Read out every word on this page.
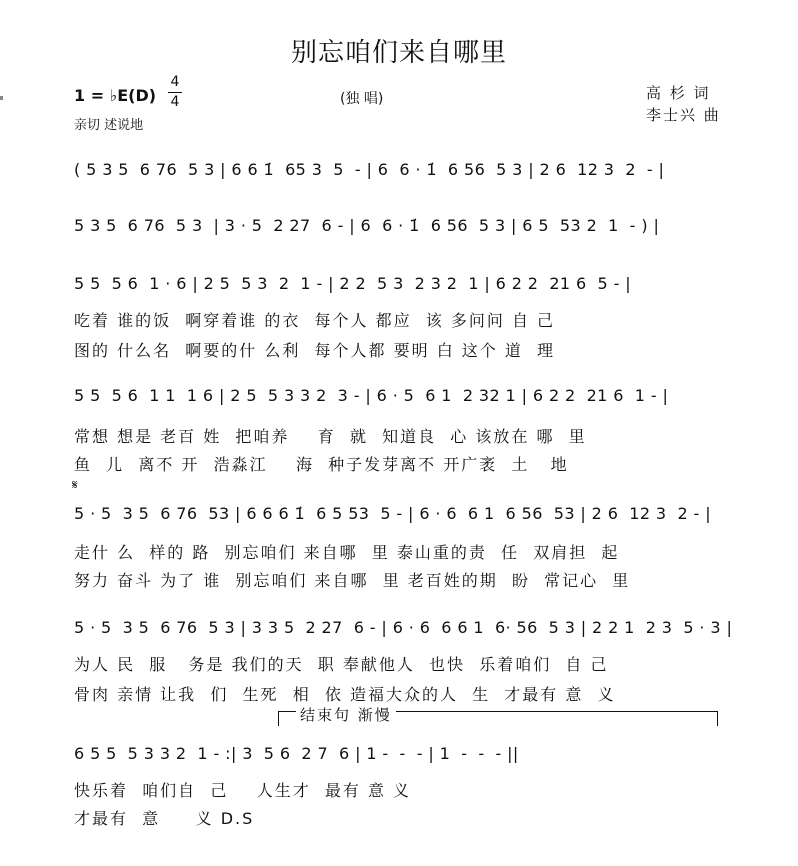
别忘咱们来自哪里
1 = ♭E(D)
4
4
亲切 述说地
(独 唱)	高 杉 词
李士兴 曲
( 5 3 5  6 76  5 3 | 6 6 1̇  65 3  5  - | 6  6 · 1̇  6 56  5 3 | 2 6  12 3  2  - |
5 3 5  6 76  5 3  | 3 · 5  2 27  6 - | 6  6 · 1̇  6 56  5 3 | 6 5  53 2  1  - ) |
5 5  5 6  1 · 6 | 2 5  5 3  2  1 - | 2 2  5 3  2 3 2  1 | 6 2 2  21 6  5 - |
吃着 谁的饭  啊穿着谁 的衣  每个人 都应  该 多问问 自 己
图的 什么名  啊要的什 么利  每个人都 要明 白 这个 道  理
5 5  5 6  1 1  1 6 | 2 5  5 3 3 2  3 - | 6 · 5  6 1  2 32 1 | 6 2 2  21 6  1 - |
常想 想是 老百 姓  把咱养    育  就  知道良  心 该放在 哪  里
鱼  儿  离不 开  浩淼江    海  种子发芽离不 开广袤  土   地
𝄋
5 · 5  3 5  6 76  53 | 6 6 6 1̇  6 5 53  5 - | 6 · 6  6 1  6 56  53 | 2 6  12 3  2 - |
走什 么  样的 路  别忘咱们 来自哪  里 泰山重的责  任  双肩担  起
努力 奋斗 为了 谁  别忘咱们 来自哪  里 老百姓的期  盼  常记心  里
5 · 5  3 5  6 76  5 3 | 3 3 5  2 27  6 - | 6 · 6  6 6 1  6· 56  5 3 | 2 2 1  2 3  5 · 3 |
为人 民  服   务是 我们的天  职 奉献他人  也快  乐着咱们  自 己
骨肉 亲情 让我  们  生死  相  依 造福大众的人  生  才最有 意  义
结束句 渐慢
6 5 5  5 3 3 2  1 - :| 3  5 6  2 7  6 | 1 -  -  - | 1  -  -  - ||
快乐着  咱们自  己    人生才  最有 意 义
才最有  意     义 D.S
